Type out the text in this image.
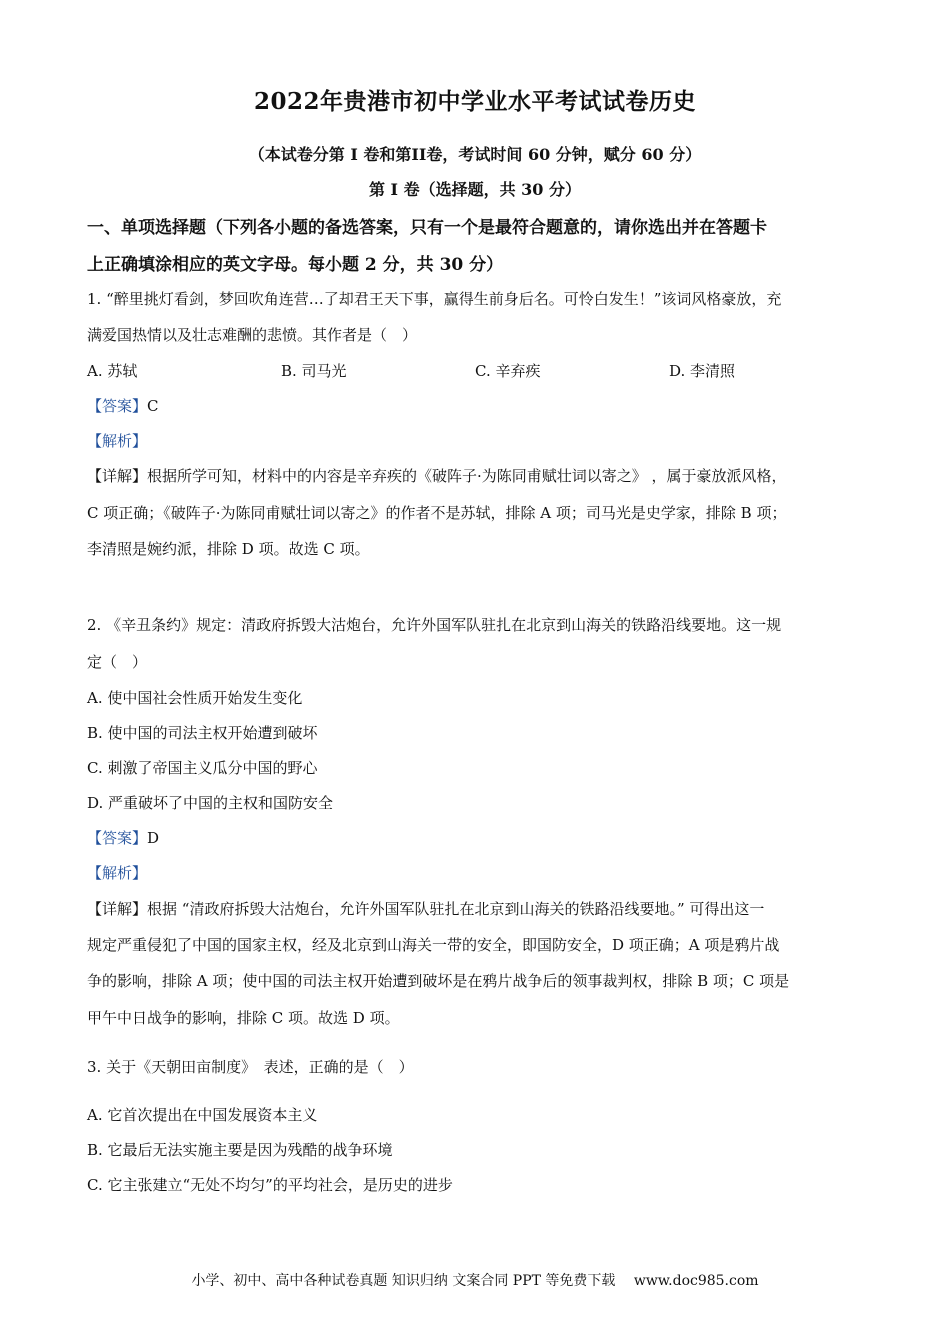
2022年贵港市初中学业水平考试试卷历史
（本试卷分第 I 卷和第II卷，考试时间 60 分钟，赋分 60 分）
第 I 卷（选择题，共 30 分）
一、单项选择题（下列各小题的备选答案，只有一个是最符合题意的，请你选出并在答题卡
上正确填涂相应的英文字母。每小题 2 分，共 30 分）
1. “醉里挑灯看剑，梦回吹角连营…了却君王天下事，赢得生前身后名。可怜白发生！”该词风格豪放，充
满爱国热情以及壮志难酬的悲愤。其作者是（　）
A. 苏轼	B. 司马光	C. 辛弃疾	D. 李清照
【答案】C
【解析】
【详解】根据所学可知，材料中的内容是辛弃疾的《破阵子·为陈同甫赋壮词以寄之》 ，属于豪放派风格，
C 项正确；《破阵子·为陈同甫赋壮词以寄之》的作者不是苏轼，排除 A 项；司马光是史学家，排除 B 项；
李清照是婉约派，排除 D 项。故选 C 项。
2. 《辛丑条约》规定：清政府拆毁大沽炮台，允许外国军队驻扎在北京到山海关的铁路沿线要地。这一规
定（　）
A. 使中国社会性质开始发生变化
B. 使中国的司法主权开始遭到破坏
C. 刺激了帝国主义瓜分中国的野心
D. 严重破坏了中国的主权和国防安全
【答案】D
【解析】
【详解】根据 “清政府拆毁大沽炮台，允许外国军队驻扎在北京到山海关的铁路沿线要地。” 可得出这一
规定严重侵犯了中国的国家主权，经及北京到山海关一带的安全，即国防安全，D 项正确；A 项是鸦片战
争的影响，排除 A 项；使中国的司法主权开始遭到破坏是在鸦片战争后的领事裁判权，排除 B 项；C 项是
甲午中日战争的影响，排除 C 项。故选 D 项。
3. 关于《天朝田亩制度》　表述，正确的是（　）
A. 它首次提出在中国发展资本主义
B. 它最后无法实施主要是因为残酷的战争环境
C. 它主张建立“无处不均匀”的平均社会，是历史的进步
小学、初中、高中各种试卷真题 知识归纳 文案合同 PPT 等免费下载　 www.doc985.com
